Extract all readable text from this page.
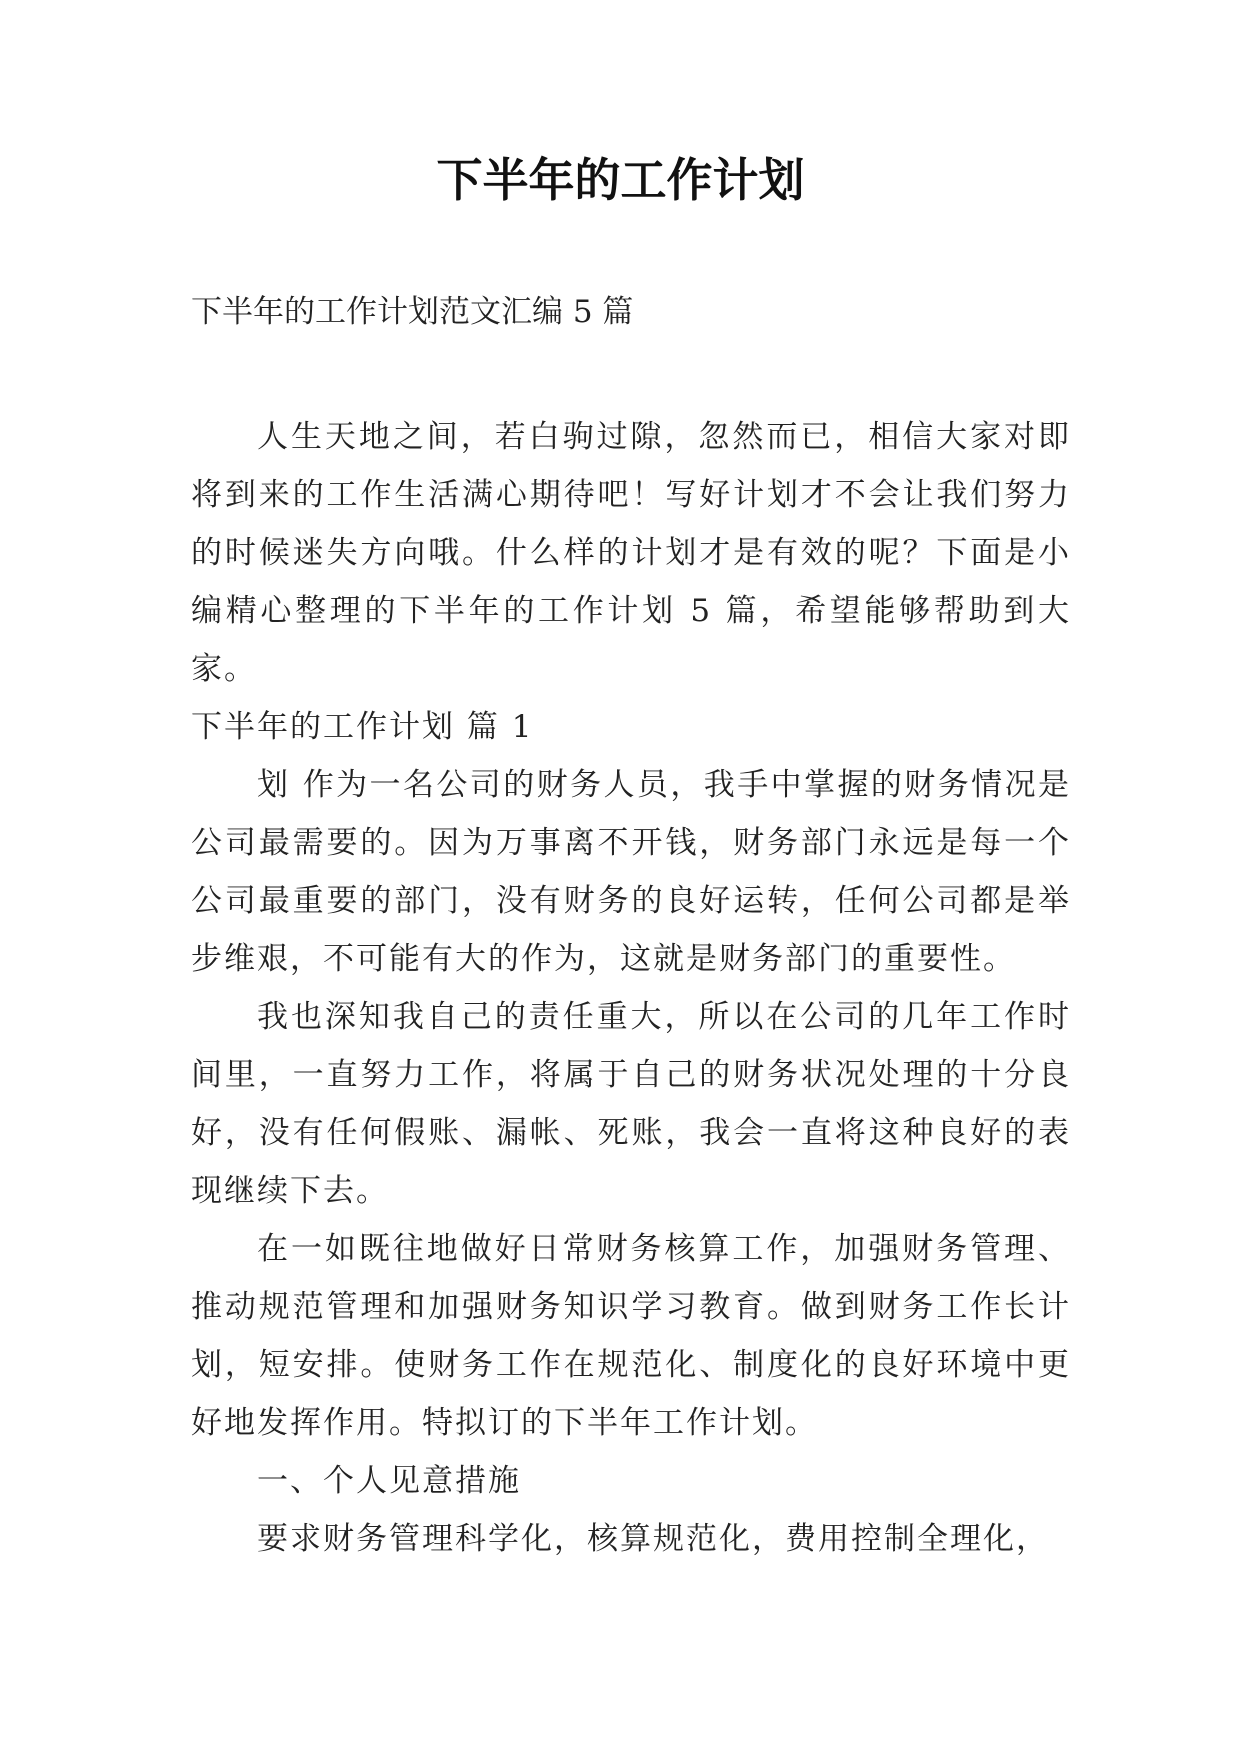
下半年的工作计划

下半年的工作计划范文汇编 5 篇

人生天地之间，若白驹过隙，忽然而已，相信大家对即将到来的工作生活满心期待吧！写好计划才不会让我们努力的时候迷失方向哦。什么样的计划才是有效的呢？下面是小编精心整理的下半年的工作计划 5 篇，希望能够帮助到大家。

下半年的工作计划 篇 1

划 作为一名公司的财务人员，我手中掌握的财务情况是公司最需要的。因为万事离不开钱，财务部门永远是每一个公司最重要的部门，没有财务的良好运转，任何公司都是举步维艰，不可能有大的作为，这就是财务部门的重要性。

我也深知我自己的责任重大，所以在公司的几年工作时间里，一直努力工作，将属于自己的财务状况处理的十分良好，没有任何假账、漏帐、死账，我会一直将这种良好的表现继续下去。

在一如既往地做好日常财务核算工作，加强财务管理、推动规范管理和加强财务知识学习教育。做到财务工作长计划，短安排。使财务工作在规范化、制度化的良好环境中更好地发挥作用。特拟订的下半年工作计划。

一、个人见意措施

要求财务管理科学化，核算规范化，费用控制全理化，
